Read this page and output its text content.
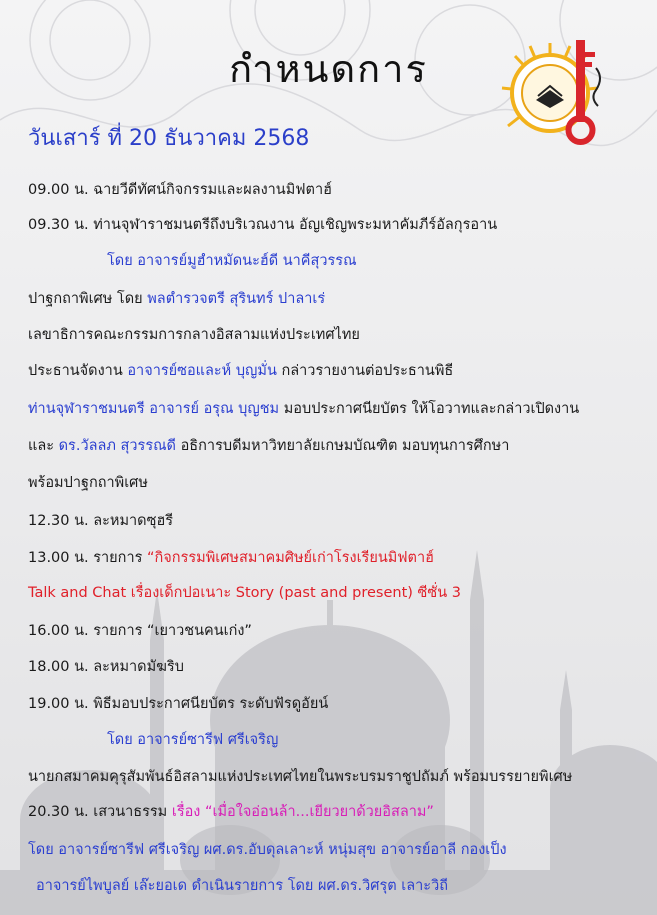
กำหนดการ
วันเสาร์ ที่ 20 ธันวาคม 2568
09.00 น. ฉายวีดีทัศน์กิจกรรมและผลงานมิฟตาฮ์
09.30 น. ท่านจุฬาราชมนตรีถึงบริเวณงาน อัญเชิญพระมหาคัมภีร์อัลกุรอาน
โดย อาจารย์มูฮำหมัดนะฮ์ดี นาคีสุวรรณ
ปาฐกถาพิเศษ โดย พลตำรวจตรี สุรินทร์ ปาลาเร่
เลขาธิการคณะกรรมการกลางอิสลามแห่งประเทศไทย
ประธานจัดงาน อาจารย์ซอและห์ บุญมั่น กล่าวรายงานต่อประธานพิธี
ท่านจุฬาราชมนตรี อาจารย์ อรุณ บุญชม มอบประกาศนียบัตร ให้โอวาทและกล่าวเปิดงาน
และ ดร.วัลลภ สุวรรณดี อธิการบดีมหาวิทยาลัยเกษมบัณฑิต มอบทุนการศึกษา
พร้อมปาฐกถาพิเศษ
12.30 น. ละหมาดซุฮรี
13.00 น. รายการ “กิจกรรมพิเศษสมาคมศิษย์เก่าโรงเรียนมิฟตาฮ์
Talk and Chat เรื่องเด็กปอเนาะ Story (past and present) ซีซั่น 3
16.00 น. รายการ “เยาวชนคนเก่ง”
18.00 น. ละหมาดมัฆริบ
19.00 น. พิธีมอบประกาศนียบัตร ระดับฟัรดูอัยน์
โดย อาจารย์ซารีฟ ศรีเจริญ
นายกสมาคมคุรุสัมพันธ์อิสลามแห่งประเทศไทยในพระบรมราชูปถัมภ์ พร้อมบรรยายพิเศษ
20.30 น. เสวนาธรรม เรื่อง “เมื่อใจอ่อนล้า...เยียวยาด้วยอิสลาม”
โดย อาจารย์ซารีฟ ศรีเจริญ ผศ.ดร.อับดุลเลาะห์ หนุ่มสุข อาจารย์อาลี กองเป็ง
อาจารย์ไพบูลย์ เล๊ะยอเด ดำเนินรายการ โดย ผศ.ดร.วิศรุต เลาะวิถี
